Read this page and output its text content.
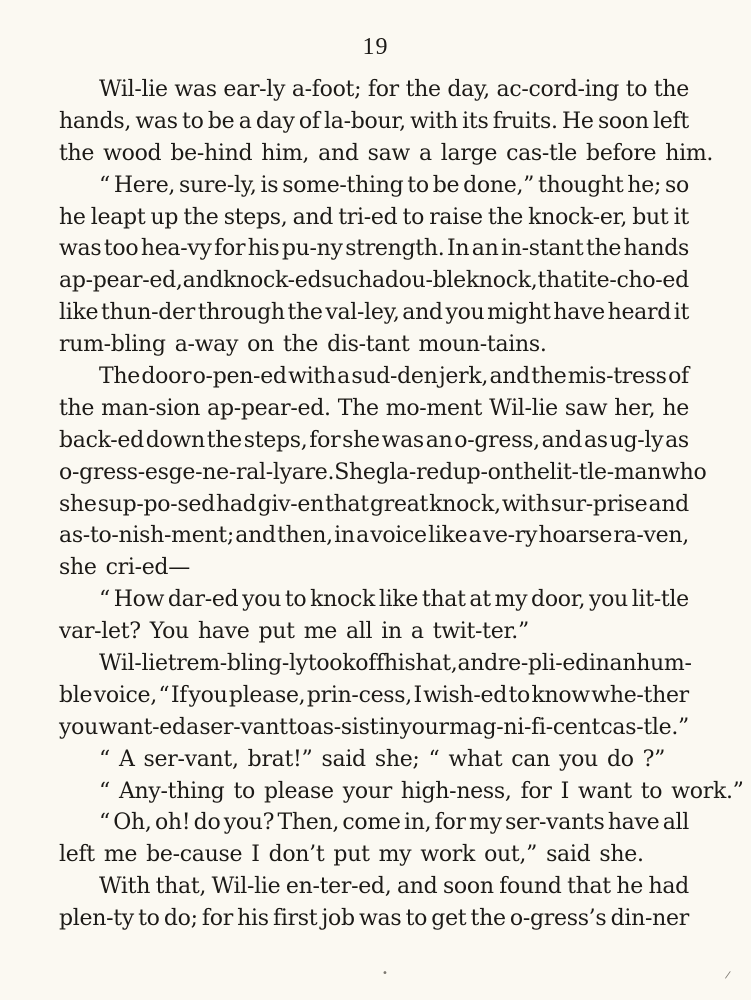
19
Wil-lie was ear-ly a-foot; for the day, ac-cord-ing to the
hands, was to be a day of la-bour, with its fruits. He soon left
the wood be-hind him, and saw a large cas-tle before him.
“ Here, sure-ly, is some-thing to be done,” thought he; so
he leapt up the steps, and tri-ed to raise the knock-er, but it
was too hea-vy for his pu-ny strength. In an in-stant the hands
ap-pear-ed, and knock-ed such a dou-ble knock, that it e-cho-ed
like thun-der through the val-ley, and you might have heard it
rum-bling a-way on the dis-tant moun-tains.
The door o-pen-ed with a sud-den jerk, and the mis-tress of
the man-sion ap-pear-ed. The mo-ment Wil-lie saw her, he
back-ed down the steps, for she was an o-gress, and as ug-ly as
o-gress-es ge-ne-ral-ly are. She gla-red up-on the lit-tle-man who
she sup-po-sed had giv-en that great knock, with sur-prise and
as-to-nish-ment; and then, in a voice like a ve-ry hoarse ra-ven,
she cri-ed—
“ How dar-ed you to knock like that at my door, you lit-tle
var-let? You have put me all in a twit-ter.”
Wil-lie trem-bling-ly took off his hat, and re-pli-ed in an hum-
ble voice, “ If you please, prin-cess, I wish-ed to know whe-ther
you want-ed a ser-vant to as-sist in your mag-ni-fi-cent cas-tle.”
“ A ser-vant, brat!” said she; “ what can you do ?”
“ Any-thing to please your high-ness, for I want to work.”
“ Oh, oh! do you? Then, come in, for my ser-vants have all
left me be-cause I don’t put my work out,” said she.
With that, Wil-lie en-ter-ed, and soon found that he had
plen-ty to do; for his first job was to get the o-gress’s din-ner
•	/
